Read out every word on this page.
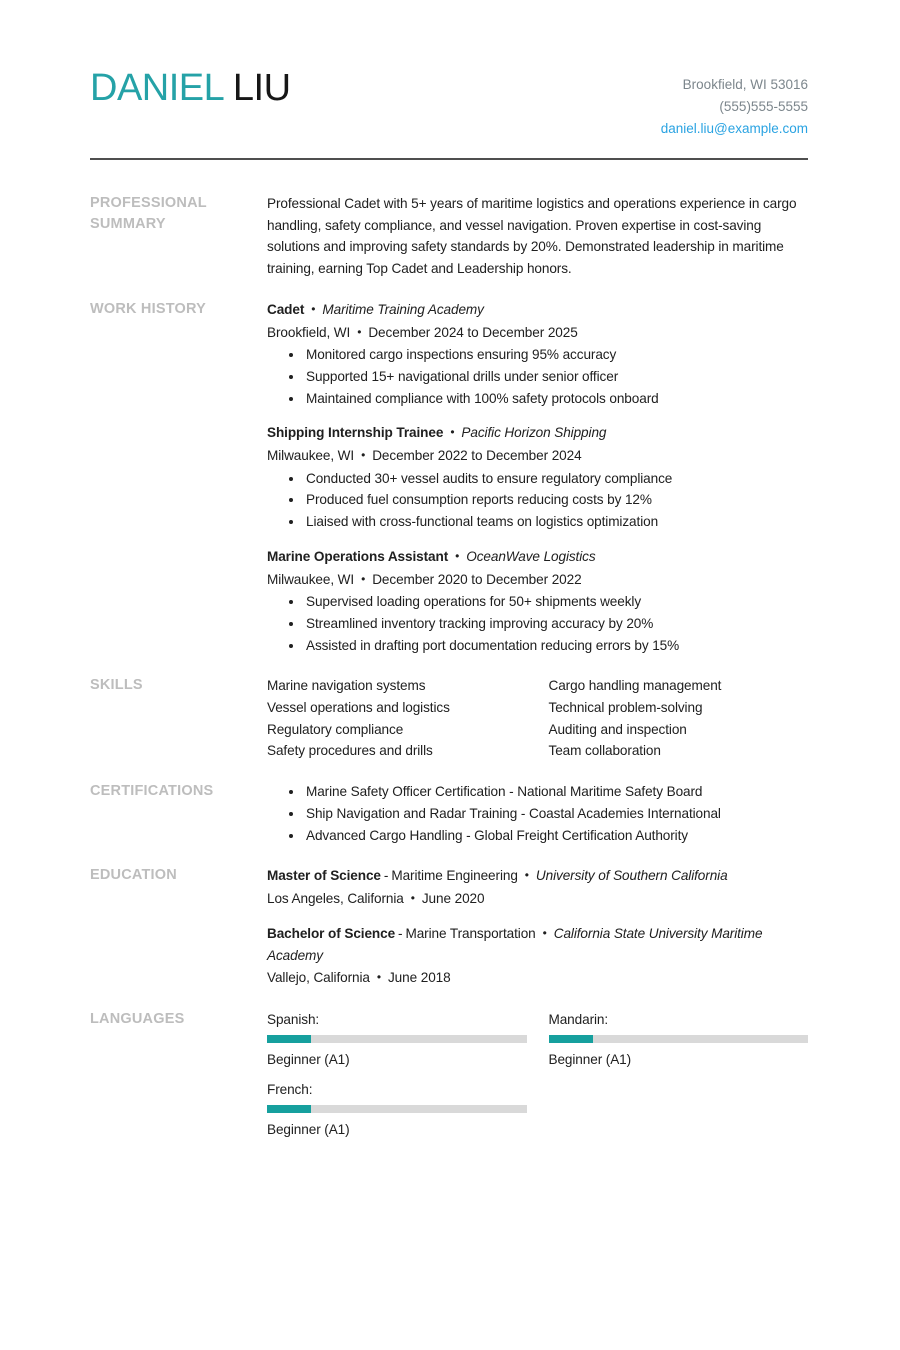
DANIEL LIU	Brookfield, WI 53016
(555)555-5555
daniel.liu@example.com
PROFESSIONAL SUMMARY

Professional Cadet with 5+ years of maritime logistics and operations experience in cargo handling, safety compliance, and vessel navigation. Proven expertise in cost-saving solutions and improving safety standards by 20%. Demonstrated leadership in maritime training, earning Top Cadet and Leadership honors.

WORK HISTORY	Cadet • Maritime Training Academy
Brookfield, WI • December 2024 to December 2025
• Monitored cargo inspections ensuring 95% accuracy
• Supported 15+ navigational drills under senior officer
• Maintained compliance with 100% safety protocols onboard
Shipping Internship Trainee • Pacific Horizon Shipping
Milwaukee, WI • December 2022 to December 2024
• Conducted 30+ vessel audits to ensure regulatory compliance
• Produced fuel consumption reports reducing costs by 12%
• Liaised with cross-functional teams on logistics optimization
Marine Operations Assistant • OceanWave Logistics
Milwaukee, WI • December 2020 to December 2022
• Supervised loading operations for 50+ shipments weekly
• Streamlined inventory tracking improving accuracy by 20%
• Assisted in drafting port documentation reducing errors by 15%
SKILLS	Marine navigation systems
Vessel operations and logistics
Regulatory compliance
Safety procedures and drills
Cargo handling management
Technical problem-solving
Auditing and inspection
Team collaboration
CERTIFICATIONS	• Marine Safety Officer Certification - National Maritime Safety Board
• Ship Navigation and Radar Training - Coastal Academies International
• Advanced Cargo Handling - Global Freight Certification Authority
EDUCATION	Master of Science - Maritime Engineering • University of Southern California
Los Angeles, California • June 2020
Bachelor of Science - Marine Transportation • California State University Maritime Academy
Vallejo, California • June 2018
LANGUAGES	Spanish:
Beginner (A1)
Mandarin:
Beginner (A1)
French:
Beginner (A1)
